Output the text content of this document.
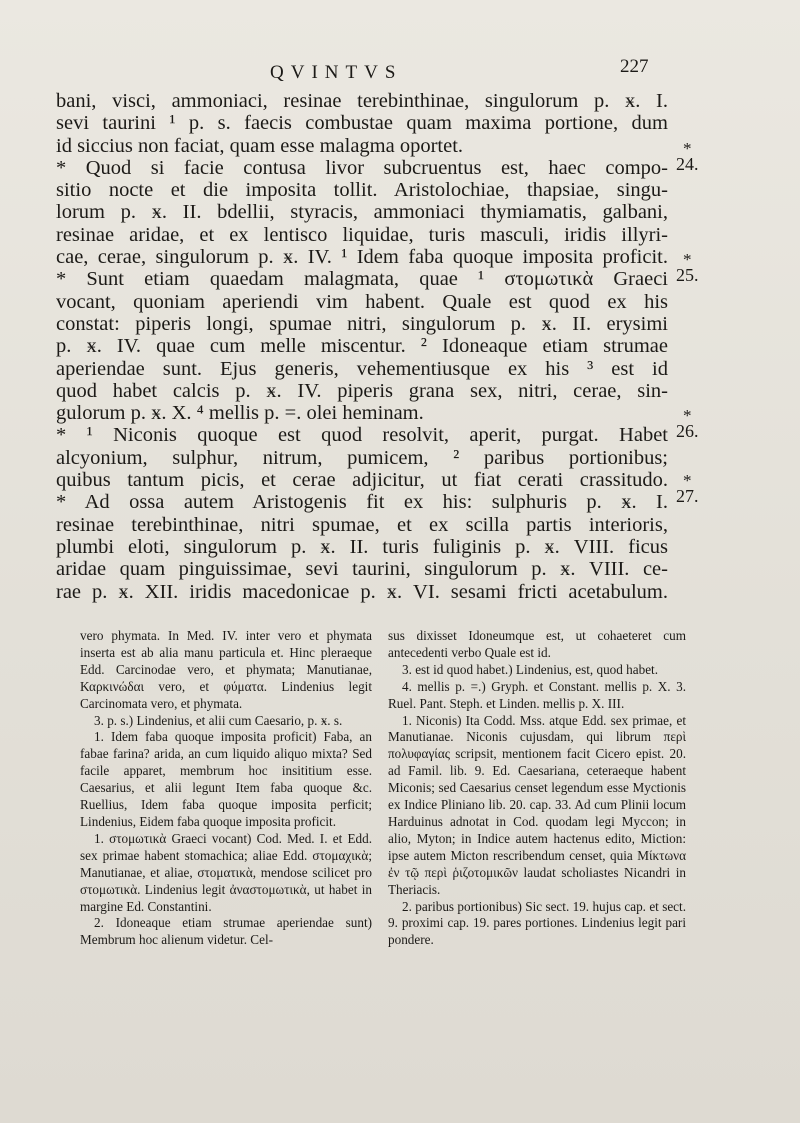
QVINTVS	227
bani, visci, ammoniaci, resinae terebinthinae, singulorum p. ӿ. I.
sevi taurini ¹ p. s. faecis combustae quam maxima portione, dum
id siccius non faciat, quam esse malagma oportet.
* Quod si facie contusa livor subcruentus est, haec compo-
sitio nocte et die imposita tollit. Aristolochiae, thapsiae, singu-
lorum p. ӿ. II. bdellii, styracis, ammoniaci thymiamatis, galbani,
resinae aridae, et ex lentisco liquidae, turis masculi, iridis illyri-
cae, cerae, singulorum p. ӿ. IV. ¹ Idem faba quoque imposita proficit.
* Sunt etiam quaedam malagmata, quae ¹ στομωτικὰ Graeci
vocant, quoniam aperiendi vim habent. Quale est quod ex his
constat: piperis longi, spumae nitri, singulorum p. ӿ. II. erysimi
p. ӿ. IV. quae cum melle miscentur. ² Idoneaque etiam strumae
aperiendae sunt. Ejus generis, vehementiusque ex his ³ est id
quod habet calcis p. ӿ. IV. piperis grana sex, nitri, cerae, sin-
gulorum p. ӿ. X. ⁴ mellis p. =. olei heminam.
* ¹ Niconis quoque est quod resolvit, aperit, purgat. Habet
alcyonium, sulphur, nitrum, pumicem, ² paribus portionibus;
quibus tantum picis, et cerae adjicitur, ut fiat cerati crassitudo.
* Ad ossa autem Aristogenis fit ex his: sulphuris p. ӿ. I.
resinae terebinthinae, nitri spumae, et ex scilla partis interioris,
plumbi eloti, singulorum p. ӿ. II. turis fuliginis p. ӿ. VIII. ficus
aridae quam pinguissimae, sevi taurini, singulorum p. ӿ. VIII. ce-
rae p. ӿ. XII. iridis macedonicae p. ӿ. VI. sesami fricti acetabulum.
*
24.
*
25.
*
26.
*
27.

vero phymata. In Med. IV. inter vero et phymata inserta est ab alia manu particula et. Hinc pleraeque Edd. Carcinodae vero, et phymata; Manutianae, Καρκινώδαι vero, et φύματα. Lindenius legit Carcinomata vero, et phymata.

3. p. s.) Lindenius, et alii cum Caesario, p. ӿ. s.

1. Idem faba quoque imposita proficit) Faba, an fabae farina? arida, an cum liquido aliquo mixta? Sed facile apparet, membrum hoc insititium esse. Caesarius, et alii legunt Item faba quoque &c. Ruellius, Idem faba quoque imposita perficit; Lindenius, Eidem faba quoque imposita proficit.

1. στομωτικὰ Graeci vocant) Cod. Med. I. et Edd. sex primae habent stomachica; aliae Edd. στομαχικὰ; Manutianae, et aliae, στοματικὰ, mendose scilicet pro στομωτικὰ. Lindenius legit ἀναστομωτικὰ, ut habet in margine Ed. Constantini.

2. Idoneaque etiam strumae aperiendae sunt) Membrum hoc alienum videtur. Cel-

sus dixisset Idoneumque est, ut cohaeteret cum antecedenti verbo Quale est id.

3. est id quod habet.) Lindenius, est, quod habet.

4. mellis p. =.) Gryph. et Constant. mellis p. X. 3. Ruel. Pant. Steph. et Linden. mellis p. X. III.

1. Niconis) Ita Codd. Mss. atque Edd. sex primae, et Manutianae. Niconis cujusdam, qui librum περὶ πολυφαγίας scripsit, mentionem facit Cicero epist. 20. ad Famil. lib. 9. Ed. Caesariana, ceteraeque habent Miconis; sed Caesarius censet legendum esse Myctionis ex Indice Pliniano lib. 20. cap. 33. Ad cum Plinii locum Harduinus adnotat in Cod. quodam legi Myccon; in alio, Myton; in Indice autem hactenus edito, Miction: ipse autem Micton rescribendum censet, quia Μίκτωνα ἐν τῷ περὶ ῥιζοτομικῶν laudat scholiastes Nicandri in Theriacis.

2. paribus portionibus) Sic sect. 19. hujus cap. et sect. 9. proximi cap. 19. pares portiones. Lindenius legit pari pondere.
